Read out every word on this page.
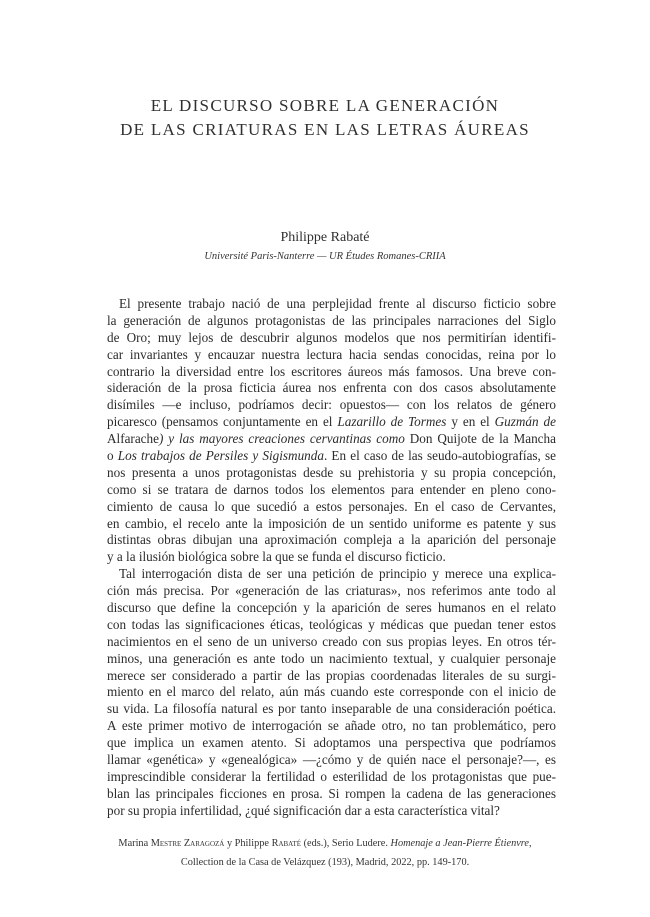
EL DISCURSO SOBRE LA GENERACIÓN
DE LAS CRIATURAS EN LAS LETRAS ÁUREAS
Philippe Rabaté
Université Paris-Nanterre — UR Études Romanes-CRIIA
El presente trabajo nació de una perplejidad frente al discurso ficticio sobre
la generación de algunos protagonistas de las principales narraciones del Siglo
de Oro; muy lejos de descubrir algunos modelos que nos permitirían identifi-
car invariantes y encauzar nuestra lectura hacia sendas conocidas, reina por lo
contrario la diversidad entre los escritores áureos más famosos. Una breve con-
sideración de la prosa ficticia áurea nos enfrenta con dos casos absolutamente
disímiles —e incluso, podríamos decir: opuestos— con los relatos de género
picaresco (pensamos conjuntamente en el Lazarillo de Tormes y en el Guzmán de
Alfarache) y las mayores creaciones cervantinas como Don Quijote de la Mancha
o Los trabajos de Persiles y Sigismunda. En el caso de las seudo-autobiografías, se
nos presenta a unos protagonistas desde su prehistoria y su propia concepción,
como si se tratara de darnos todos los elementos para entender en pleno cono-
cimiento de causa lo que sucedió a estos personajes. En el caso de Cervantes,
en cambio, el recelo ante la imposición de un sentido uniforme es patente y sus
distintas obras dibujan una aproximación compleja a la aparición del personaje
y a la ilusión biológica sobre la que se funda el discurso ficticio.
Tal interrogación dista de ser una petición de principio y merece una explica-
ción más precisa. Por «generación de las criaturas», nos referimos ante todo al
discurso que define la concepción y la aparición de seres humanos en el relato
con todas las significaciones éticas, teológicas y médicas que puedan tener estos
nacimientos en el seno de un universo creado con sus propias leyes. En otros tér-
minos, una generación es ante todo un nacimiento textual, y cualquier personaje
merece ser considerado a partir de las propias coordenadas literales de su surgi-
miento en el marco del relato, aún más cuando este corresponde con el inicio de
su vida. La filosofía natural es por tanto inseparable de una consideración poética.
A este primer motivo de interrogación se añade otro, no tan problemático, pero
que implica un examen atento. Si adoptamos una perspectiva que podríamos
llamar «genética» y «genealógica» —¿cómo y de quién nace el personaje?—, es
imprescindible considerar la fertilidad o esterilidad de los protagonistas que pue-
blan las principales ficciones en prosa. Si rompen la cadena de las generaciones
por su propia infertilidad, ¿qué significación dar a esta característica vital?
Marina Mestre Zaragozá y Philippe Rabaté (eds.), Serio Ludere. Homenaje a Jean-Pierre Étienvre,
Collection de la Casa de Velázquez (193), Madrid, 2022, pp. 149-170.
